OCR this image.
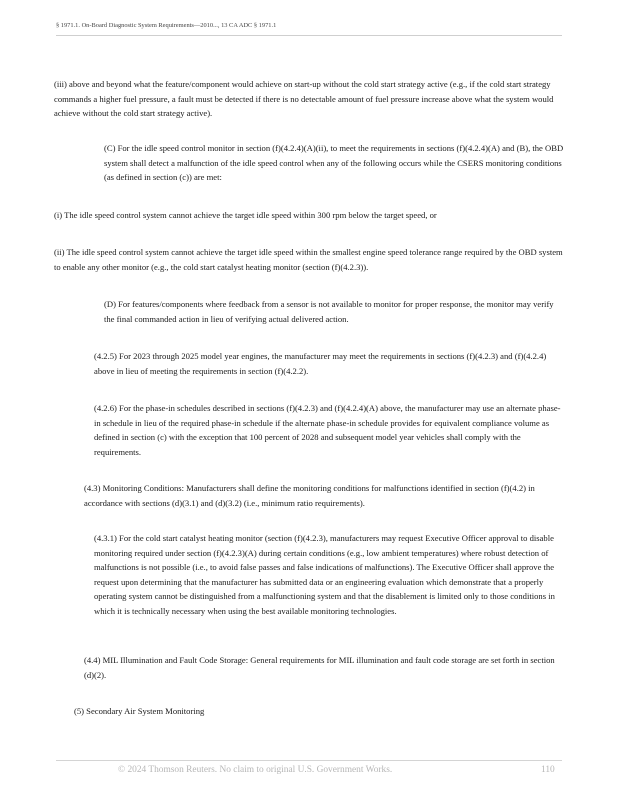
§ 1971.1. On-Board Diagnostic System Requirements—2010..., 13 CA ADC § 1971.1

(iii) above and beyond what the feature/component would achieve on start-up without the cold start strategy active (e.g., if the cold start strategy commands a higher fuel pressure, a fault must be detected if there is no detectable amount of fuel pressure increase above what the system would achieve without the cold start strategy active).

(C) For the idle speed control monitor in section (f)(4.2.4)(A)(ii), to meet the requirements in sections (f)(4.2.4)(A) and (B), the OBD system shall detect a malfunction of the idle speed control when any of the following occurs while the CSERS monitoring conditions (as defined in section (c)) are met:

(i) The idle speed control system cannot achieve the target idle speed within 300 rpm below the target speed, or

(ii) The idle speed control system cannot achieve the target idle speed within the smallest engine speed tolerance range required by the OBD system to enable any other monitor (e.g., the cold start catalyst heating monitor (section (f)(4.2.3)).

(D) For features/components where feedback from a sensor is not available to monitor for proper response, the monitor may verify the final commanded action in lieu of verifying actual delivered action.

(4.2.5) For 2023 through 2025 model year engines, the manufacturer may meet the requirements in sections (f)(4.2.3) and (f)(4.2.4) above in lieu of meeting the requirements in section (f)(4.2.2).

(4.2.6) For the phase-in schedules described in sections (f)(4.2.3) and (f)(4.2.4)(A) above, the manufacturer may use an alternate phase-in schedule in lieu of the required phase-in schedule if the alternate phase-in schedule provides for equivalent compliance volume as defined in section (c) with the exception that 100 percent of 2028 and subsequent model year vehicles shall comply with the requirements.

(4.3) Monitoring Conditions: Manufacturers shall define the monitoring conditions for malfunctions identified in section (f)(4.2) in accordance with sections (d)(3.1) and (d)(3.2) (i.e., minimum ratio requirements).

(4.3.1) For the cold start catalyst heating monitor (section (f)(4.2.3), manufacturers may request Executive Officer approval to disable monitoring required under section (f)(4.2.3)(A) during certain conditions (e.g., low ambient temperatures) where robust detection of malfunctions is not possible (i.e., to avoid false passes and false indications of malfunctions). The Executive Officer shall approve the request upon determining that the manufacturer has submitted data or an engineering evaluation which demonstrate that a properly operating system cannot be distinguished from a malfunctioning system and that the disablement is limited only to those conditions in which it is technically necessary when using the best available monitoring technologies.

(4.4) MIL Illumination and Fault Code Storage: General requirements for MIL illumination and fault code storage are set forth in section (d)(2).

(5) Secondary Air System Monitoring

© 2024 Thomson Reuters. No claim to original U.S. Government Works.	110
